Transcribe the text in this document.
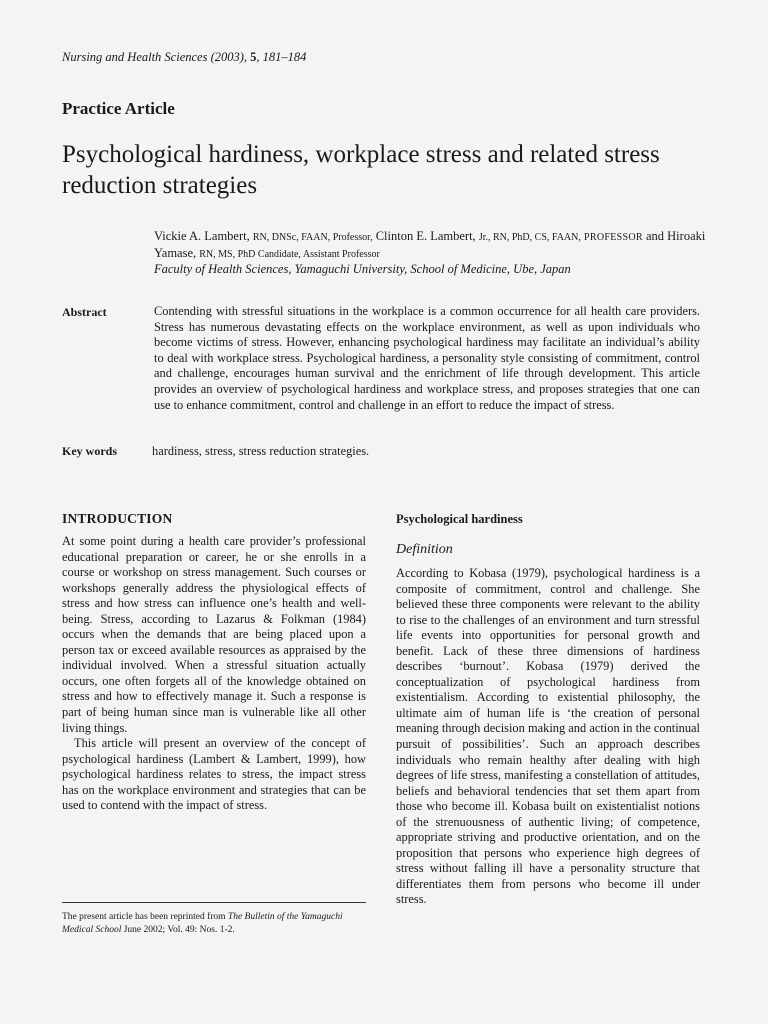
Nursing and Health Sciences (2003), 5, 181–184
Practice Article
Psychological hardiness, workplace stress and related stress reduction strategies
Vickie A. Lambert, RN, DNSc, FAAN, Professor, Clinton E. Lambert, Jr., RN, PhD, CS, FAAN, PROFESSOR and Hiroaki Yamase, RN, MS, PhD Candidate, Assistant Professor
Faculty of Health Sciences, Yamaguchi University, School of Medicine, Ube, Japan
Abstract	Contending with stressful situations in the workplace is a common occurrence for all health care providers. Stress has numerous devastating effects on the workplace environment, as well as upon individuals who become victims of stress. However, enhancing psychological hardiness may facilitate an individual’s ability to deal with workplace stress. Psychological hardiness, a personality style consisting of commitment, control and challenge, encourages human survival and the enrichment of life through development. This article provides an overview of psychological hardiness and workplace stress, and proposes strategies that one can use to enhance commitment, control and challenge in an effort to reduce the impact of stress.
Key words	hardiness, stress, stress reduction strategies.
INTRODUCTION

At some point during a health care provider’s professional educational preparation or career, he or she enrolls in a course or workshop on stress management. Such courses or workshops generally address the physiological effects of stress and how stress can influence one’s health and well-being. Stress, according to Lazarus & Folkman (1984) occurs when the demands that are being placed upon a person tax or exceed available resources as appraised by the individual involved. When a stressful situation actually occurs, one often forgets all of the knowledge obtained on stress and how to effectively manage it. Such a response is part of being human since man is vulnerable like all other living things.

This article will present an overview of the concept of psychological hardiness (Lambert & Lambert, 1999), how psychological hardiness relates to stress, the impact stress has on the workplace environment and strategies that can be used to contend with the impact of stress.

Psychological hardiness
Definition

According to Kobasa (1979), psychological hardiness is a composite of commitment, control and challenge. She believed these three components were relevant to the ability to rise to the challenges of an environment and turn stressful life events into opportunities for personal growth and benefit. Lack of these three dimensions of hardiness describes ‘burnout’. Kobasa (1979) derived the conceptualization of psychological hardiness from existentialism. According to existential philosophy, the ultimate aim of human life is ‘the creation of personal meaning through decision making and action in the continual pursuit of possibilities’. Such an approach describes individuals who remain healthy after dealing with high degrees of life stress, manifesting a constellation of attitudes, beliefs and behavioral tendencies that set them apart from those who become ill. Kobasa built on existentialist notions of the strenuousness of authentic living; of competence, appropriate striving and productive orientation, and on the proposition that persons who experience high degrees of stress without falling ill have a personality structure that differentiates them from persons who become ill under stress.

The present article has been reprinted from The Bulletin of the Yamaguchi Medical School June 2002; Vol. 49: Nos. 1-2.
